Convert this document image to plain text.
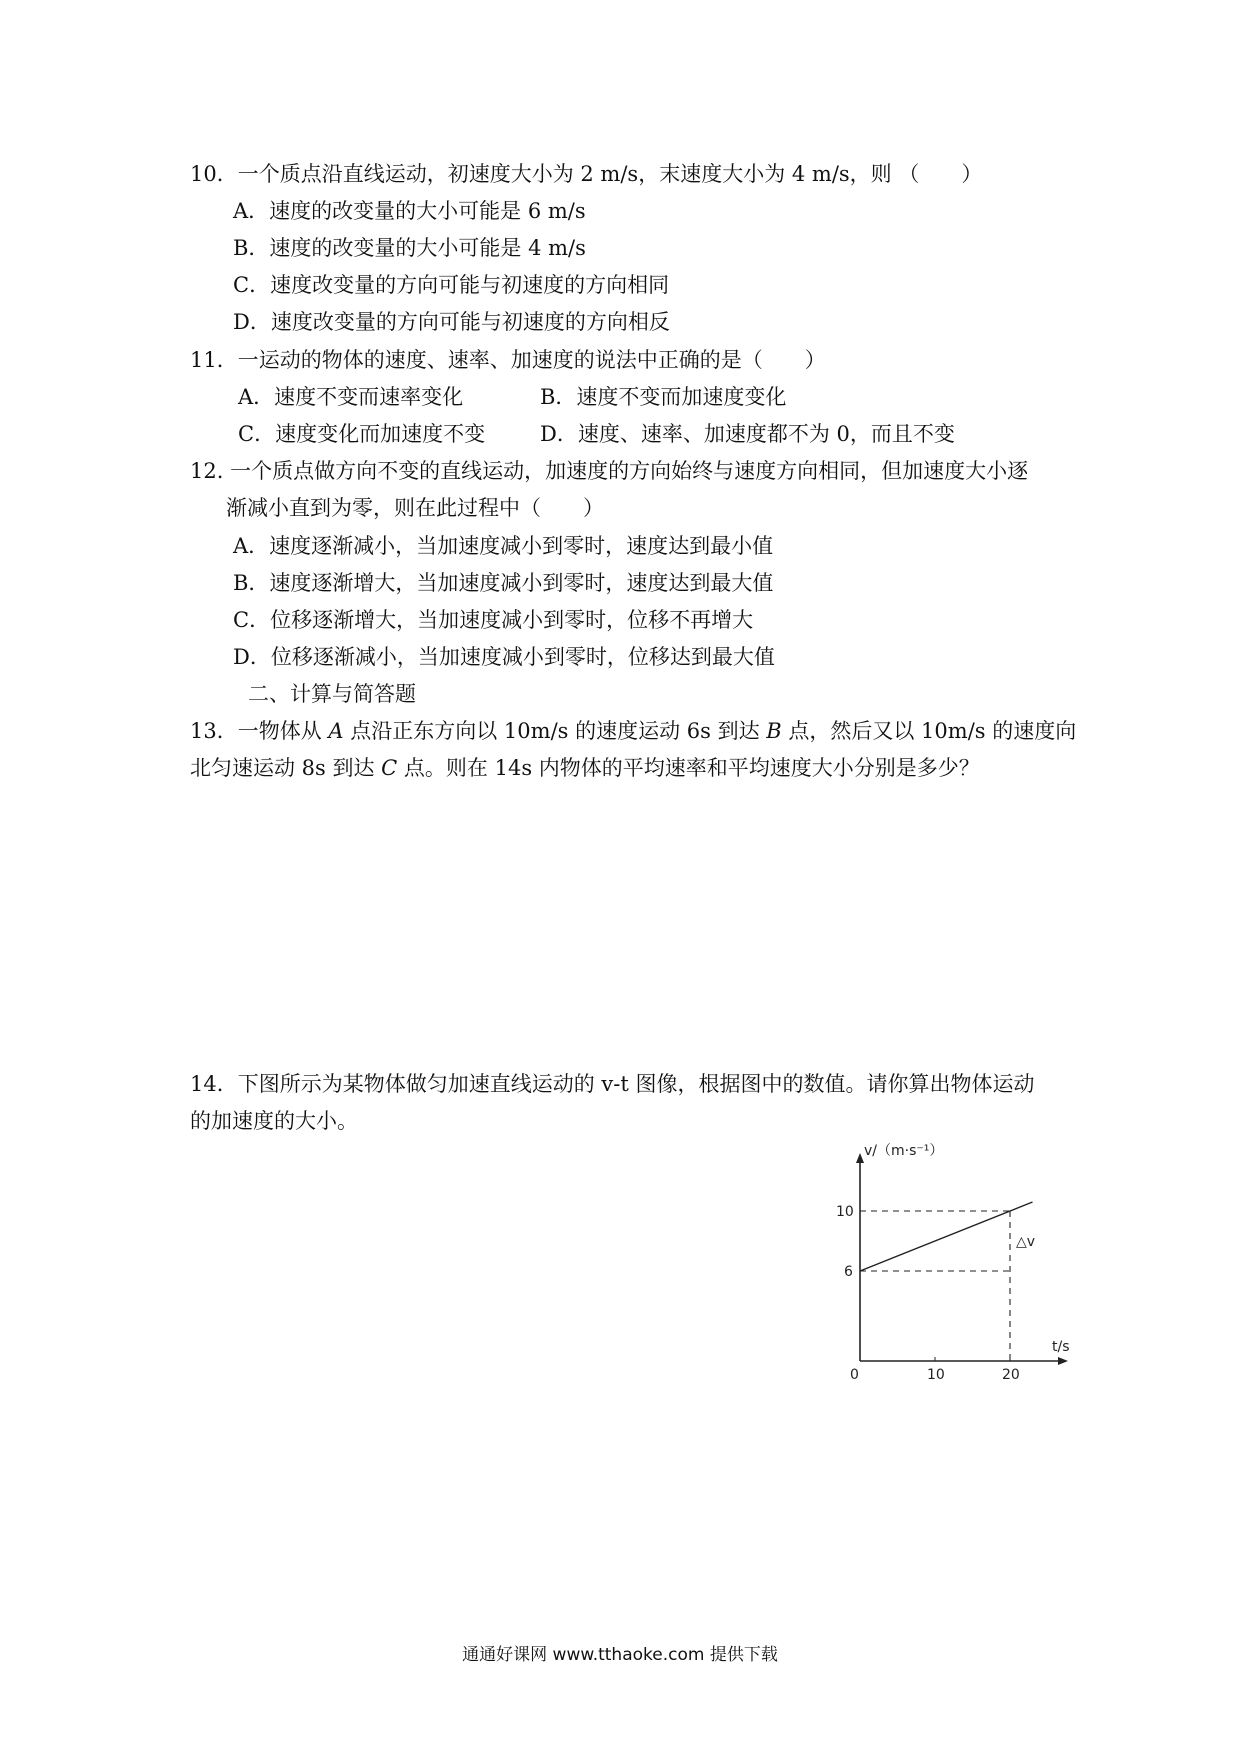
10．一个质点沿直线运动，初速度大小为 2 m/s，末速度大小为 4 m/s，则 （　　）
A．速度的改变量的大小可能是 6 m/s
B．速度的改变量的大小可能是 4 m/s
C．速度改变量的方向可能与初速度的方向相同
D．速度改变量的方向可能与初速度的方向相反
11．一运动的物体的速度、速率、加速度的说法中正确的是（　　）
A．速度不变而速率变化	B．速度不变而加速度变化
C．速度变化而加速度不变	D．速度、速率、加速度都不为 0，而且不变
12. 一个质点做方向不变的直线运动，加速度的方向始终与速度方向相同，但加速度大小逐
渐减小直到为零，则在此过程中（　　）
A．速度逐渐减小，当加速度减小到零时，速度达到最小值
B．速度逐渐增大，当加速度减小到零时，速度达到最大值
C．位移逐渐增大，当加速度减小到零时，位移不再增大
D．位移逐渐减小，当加速度减小到零时，位移达到最大值
二、计算与简答题
13．一物体从 A 点沿正东方向以 10m/s 的速度运动 6s 到达 B 点，然后又以 10m/s 的速度向
北匀速运动 8s 到达 C 点。则在 14s 内物体的平均速率和平均速度大小分别是多少？
14．下图所示为某物体做匀加速直线运动的 v-t 图像，根据图中的数值。请你算出物体运动
的加速度的大小。
v/（m·s⁻¹）
t/s
0	10	20
6
10
△v
通通好课网 www.tthaoke.com 提供下载
